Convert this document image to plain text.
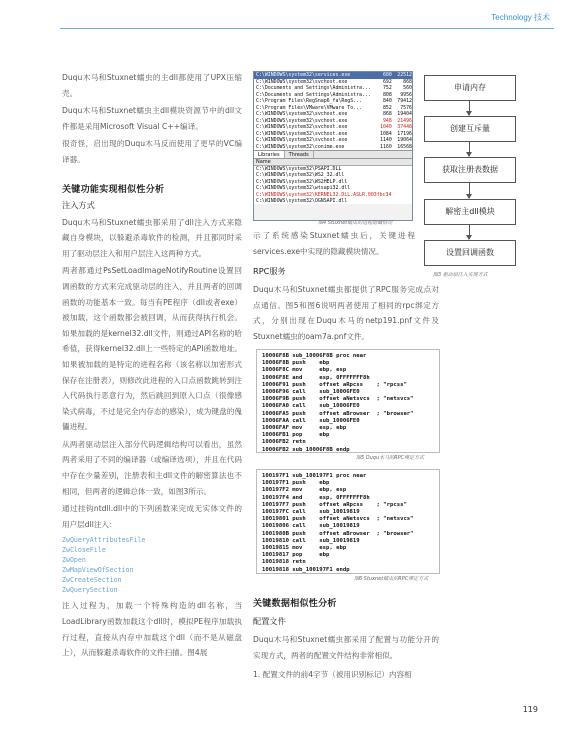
Technology 技术

Duqu木马和Stuxnet蠕虫的主dll都使用了UPX压缩壳。

Duqu木马和Stuxnet蠕虫主dll模块资源节中的dll文件都是采用Microsoft Visual C++编译。

很奇怪，启出现的Duqu木马反而使用了更早的VC编译器。

关键功能实现相似性分析
注入方式

Duqu木马和Stuxnet蠕虫都采用了dll注入方式来隐藏自身模块，以躲避杀毒软件的检测，并且都同时采用了驱动层注入和用户层注入这两种方式。

两者都通过PsSetLoadImageNotifyRoutine设置回调函数的方式来完成驱动层的注入，并且两者的回调函数的功能基本一致。每当有PE程序（dll或者exe）被加载，这个函数都会被回调，从而获得执行机会。如果加载的是kernel32.dll文件，则通过API名称的哈希值，获得kernel32.dll上一些特定的API函数地址。如果被加载的是特定的进程名称（该名称以加密形式保存在注册表），则修改此进程的入口点函数跳转到注入代码执行恶意行为，然后跳回到原入口点（很像感染式病毒，不过是完全内存态的感染），成为键盘的傀儡进程。

从两者驱动层注入部分代码逻辑结构可以看出，虽然两者采用了不同的编译器（或编译选项），并且在代码中存在少量差别，注册表和主dll文件的解密算法也不相同，但两者的逻辑总体一致，如图3所示。

通过挂钩ntdll.dll中的下列函数来完成无实体文件的用户层dll注入：

ZwQueryAttributesFile
ZwCloseFile
ZwOpen
ZwMapViewOfSection
ZwCreateSection
ZwQuerySection

注入过程为，加载一个特殊构造的dll名称，当LoadLibrary函数加载这个dll时，模拟PE程序加载执行过程，直接从内存中加载这个dll（而不是从磁盘上），从而躲避杀毒软件的文件扫描。图4展

C:\WINDOWS\system32\services.exe	600	22512
C:\WINDOWS\system32\svchost.exe	692	868
C:\Documents and Settings\Administra...	752	560
C:\Documents and Settings\Administra...	808	9956
C:\Program Files\RegSnap6_fa\RegS...	840	79412
C:\Program Files\VMware\VMware To...	852	7576
C:\WINDOWS\system32\svchost.exe	868	19404
C:\WINDOWS\system32\svchost.exe	948	21496
C:\WINDOWS\system32\svchost.exe	1040	37448
C:\WINDOWS\system32\svchost.exe	1084	17196
C:\WINDOWS\system32\svchost.exe	1140	19064
C:\WINDOWS\system32\conime.exe	1160	16568
Libraries	Threads
Name
C:\WINDOWS\system32\PSAPI.DLL
C:\WINDOWS\system32\WS2_32.dll
C:\WINDOWS\system32\WS2HELP.dll
C:\WINDOWS\system32\wtsapi32.dll
C:\WINDOWS\system32\KERNEL32.DLL.ASLR.003fbc34
C:\WINDOWS\system32\OGNSAPI.dll
图4 Stuxnet蠕虫的进程隐藏情况
申请内存
创建互斥量
获取注册表数据
解密主dll模块
设置回调函数
图3 驱动层注入实现方式

示了系统感染Stuxnet蠕虫后，关键进程services.exe中实现的隐藏模块情况。

RPC服务

Duqu木马和Stuxnet蠕虫都提供了RPC服务完成点对点通信。图5和图6说明两者使用了相同的rpc绑定方式，分别出现在Duqu木马的netp191.pnf文件及Stuxnet蠕虫的oam7a.pnf文件。

10006F8B sub_10006F8B proc near
10006F8B push    ebp
10006F8C mov     ebp, esp
10006F8E and     esp, 0FFFFFFF8h
10006F91 push    offset aRpcss    ; "rpcss"
10006F96 call    sub_10006FE0
10006F9B push    offset aNetsvcs  ; "netsvcs"
10006FA0 call    sub_10006FE0
10006FA5 push    offset aBrowser  ; "browser"
10006FAA call    sub_10006FE0
10006FAF mov     esp, ebp
10006FB1 pop     ebp
10006FB2 retn
10006FB2 sub_10006F8B endp
图5 Duqu木马的RPC绑定方式
100197F1 sub_100197F1 proc near
100197F1 push    ebp
100197F2 mov     ebp, esp
100197F4 and     esp, 0FFFFFFF8h
100197F7 push    offset aRpcss    ; "rpcss"
100197FC call    sub_10019819
10019801 push    offset aNetsvcs  ; "netsvcs"
10019806 call    sub_10019819
1001980B push    offset aBrowser  ; "browser"
10019810 call    sub_10019819
10019815 mov     esp, ebp
10019817 pop     ebp
10019818 retn
10019818 sub_100197F1 endp
图6 Stuxnet蠕虫的RPC绑定方式
关键数据相似性分析
配置文件

Duqu木马和Stuxnet蠕虫都采用了配置与功能分开的实现方式，两者的配置文件结构非常相似。

1. 配置文件的前4字节（被用识别标记）内容相

119
